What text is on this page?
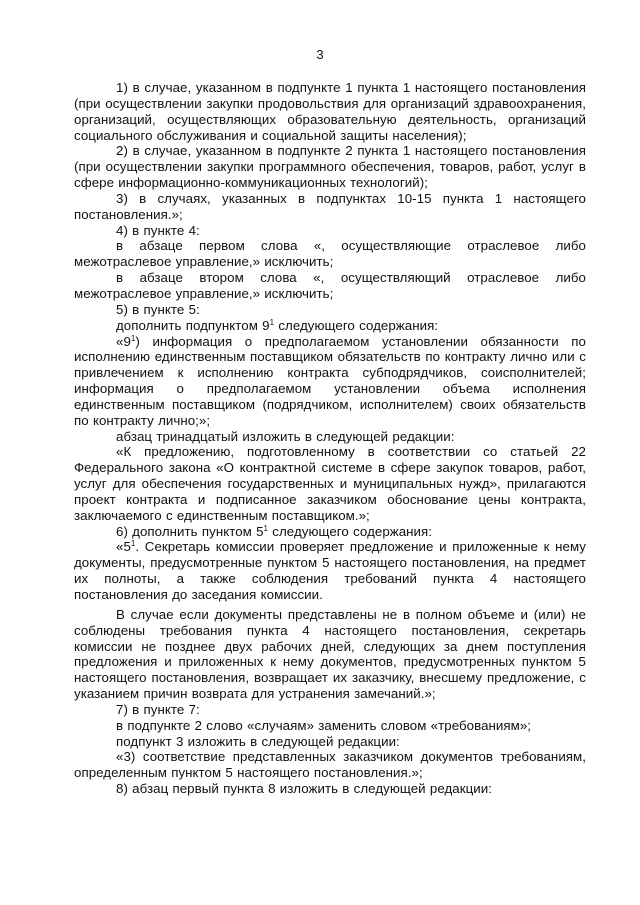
3

1) в случае, указанном в подпункте 1 пункта 1 настоящего постановления (при осуществлении закупки продовольствия для организаций здравоохранения, организаций, осуществляющих образовательную деятельность, организаций социального обслуживания и социальной защиты населения);

2) в случае, указанном в подпункте 2 пункта 1 настоящего постановления (при осуществлении закупки программного обеспечения, товаров, работ, услуг в сфере информационно-коммуникационных технологий);

3) в случаях, указанных в подпунктах 10-15 пункта 1 настоящего постановления.»;

4) в пункте 4:

в абзаце первом слова «, осуществляющие отраслевое либо межотраслевое управление,» исключить;

в абзаце втором слова «, осуществляющий отраслевое либо межотраслевое управление,» исключить;

5) в пункте 5:

дополнить подпунктом $9^1$ следующего содержания:

«$9^1$) информация о предполагаемом установлении обязанности по исполнению единственным поставщиком обязательств по контракту лично или с привлечением к исполнению контракта субподрядчиков, соисполнителей; информация о предполагаемом установлении объема исполнения единственным поставщиком (подрядчиком, исполнителем) своих обязательств по контракту лично;»;

абзац тринадцатый изложить в следующей редакции:

«К предложению, подготовленному в соответствии со статьей 22 Федерального закона «О контрактной системе в сфере закупок товаров, работ, услуг для обеспечения государственных и муниципальных нужд», прилагаются проект контракта и подписанное заказчиком обоснование цены контракта, заключаемого с единственным поставщиком.»;

6) дополнить пунктом $5^1$ следующего содержания:

«$5^1$. Секретарь комиссии проверяет предложение и приложенные к нему документы, предусмотренные пунктом 5 настоящего постановления, на предмет их полноты, а также соблюдения требований пункта 4 настоящего постановления до заседания комиссии.

В случае если документы представлены не в полном объеме и (или) не соблюдены требования пункта 4 настоящего постановления, секретарь комиссии не позднее двух рабочих дней, следующих за днем поступления предложения и приложенных к нему документов, предусмотренных пунктом 5 настоящего постановления, возвращает их заказчику, внесшему предложение, с указанием причин возврата для устранения замечаний.»;

7) в пункте 7:

в подпункте 2 слово «случаям» заменить словом «требованиям»;

подпункт 3 изложить в следующей редакции:

«3) соответствие представленных заказчиком документов требованиям, определенным пунктом 5 настоящего постановления.»;

8) абзац первый пункта 8 изложить в следующей редакции:
